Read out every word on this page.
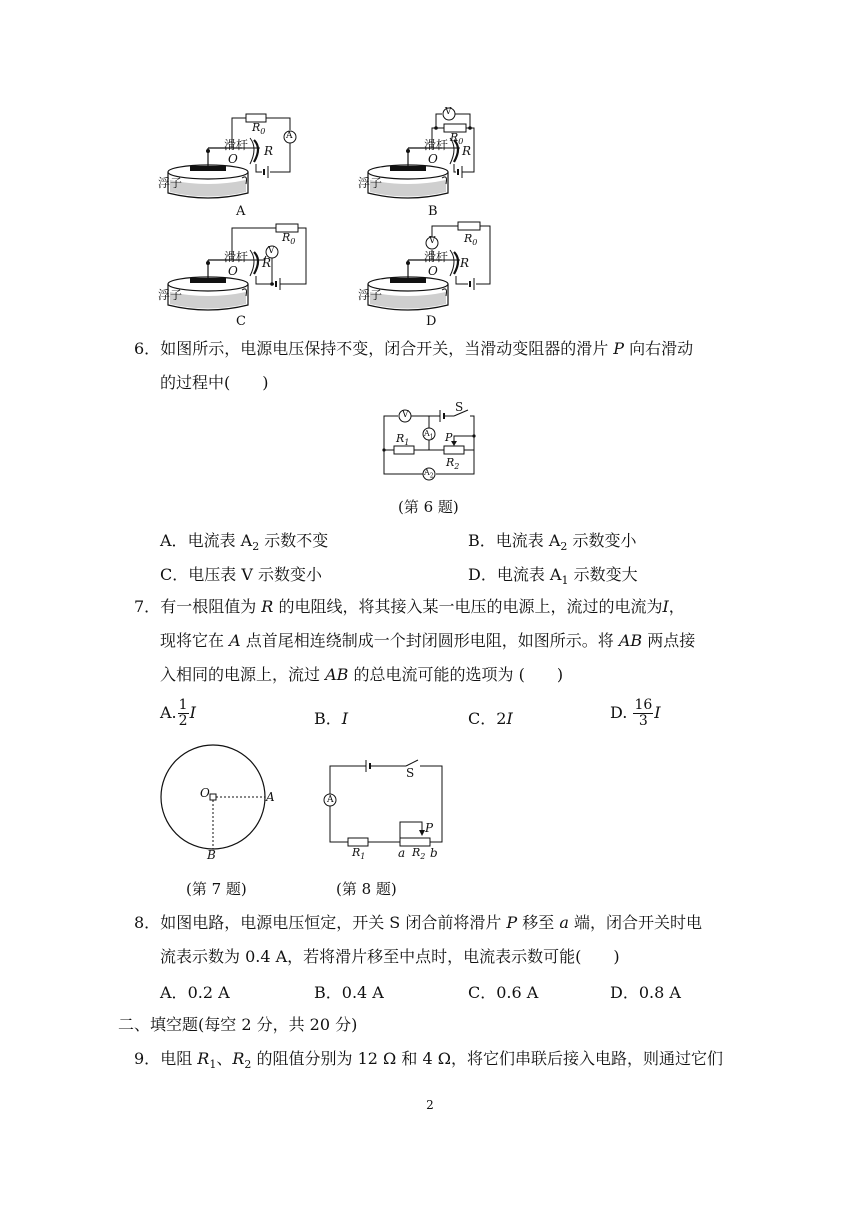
浮子
滑杆
O
R
$R_0$ A
A
浮子
滑杆
O
R
$R_0$
V
B
浮子
滑杆
O
R
$R_0$
V
C
浮子
滑杆
O
R
$R_0$
V
D
6．如图所示，电源电压保持不变，闭合开关，当滑动变阻器的滑片 P 向右滑动
的过程中(　　)
V
S
$A_1$
$A_2$
$R_1$
$R_2$
P
(第 6 题)
A．电流表 $A_2$ 示数不变	B．电流表 $A_2$ 示数变小
C．电压表 V 示数变小	D．电流表 $A_1$ 示数变大
7．有一根阻值为 R 的电阻线，将其接入某一电压的电源上，流过的电流为I，
现将它在 A 点首尾相连绕制成一个封闭圆形电阻，如图所示。将 AB 两点接
入相同的电源上，流过 AB 的总电流可能的选项为 (　　)
A. $\frac{1}{2}$ I	B．I	C．2I	D. $\frac{16}{3}$ I
O	A
B
(第 7 题)
A
S
P
$R_1$	a $R_2$ b
(第 8 题)
8．如图电路，电源电压恒定，开关 S 闭合前将滑片 P 移至 a 端，闭合开关时电
流表示数为 0.4 A，若将滑片移至中点时，电流表示数可能(　　)
A．0.2 A	B．0.4 A	C．0.6 A	D．0.8 A
二、填空题(每空 2 分，共 20 分)
9．电阻 $R_1$、$R_2$ 的阻值分别为 12 Ω 和 4 Ω，将它们串联后接入电路，则通过它们
2
